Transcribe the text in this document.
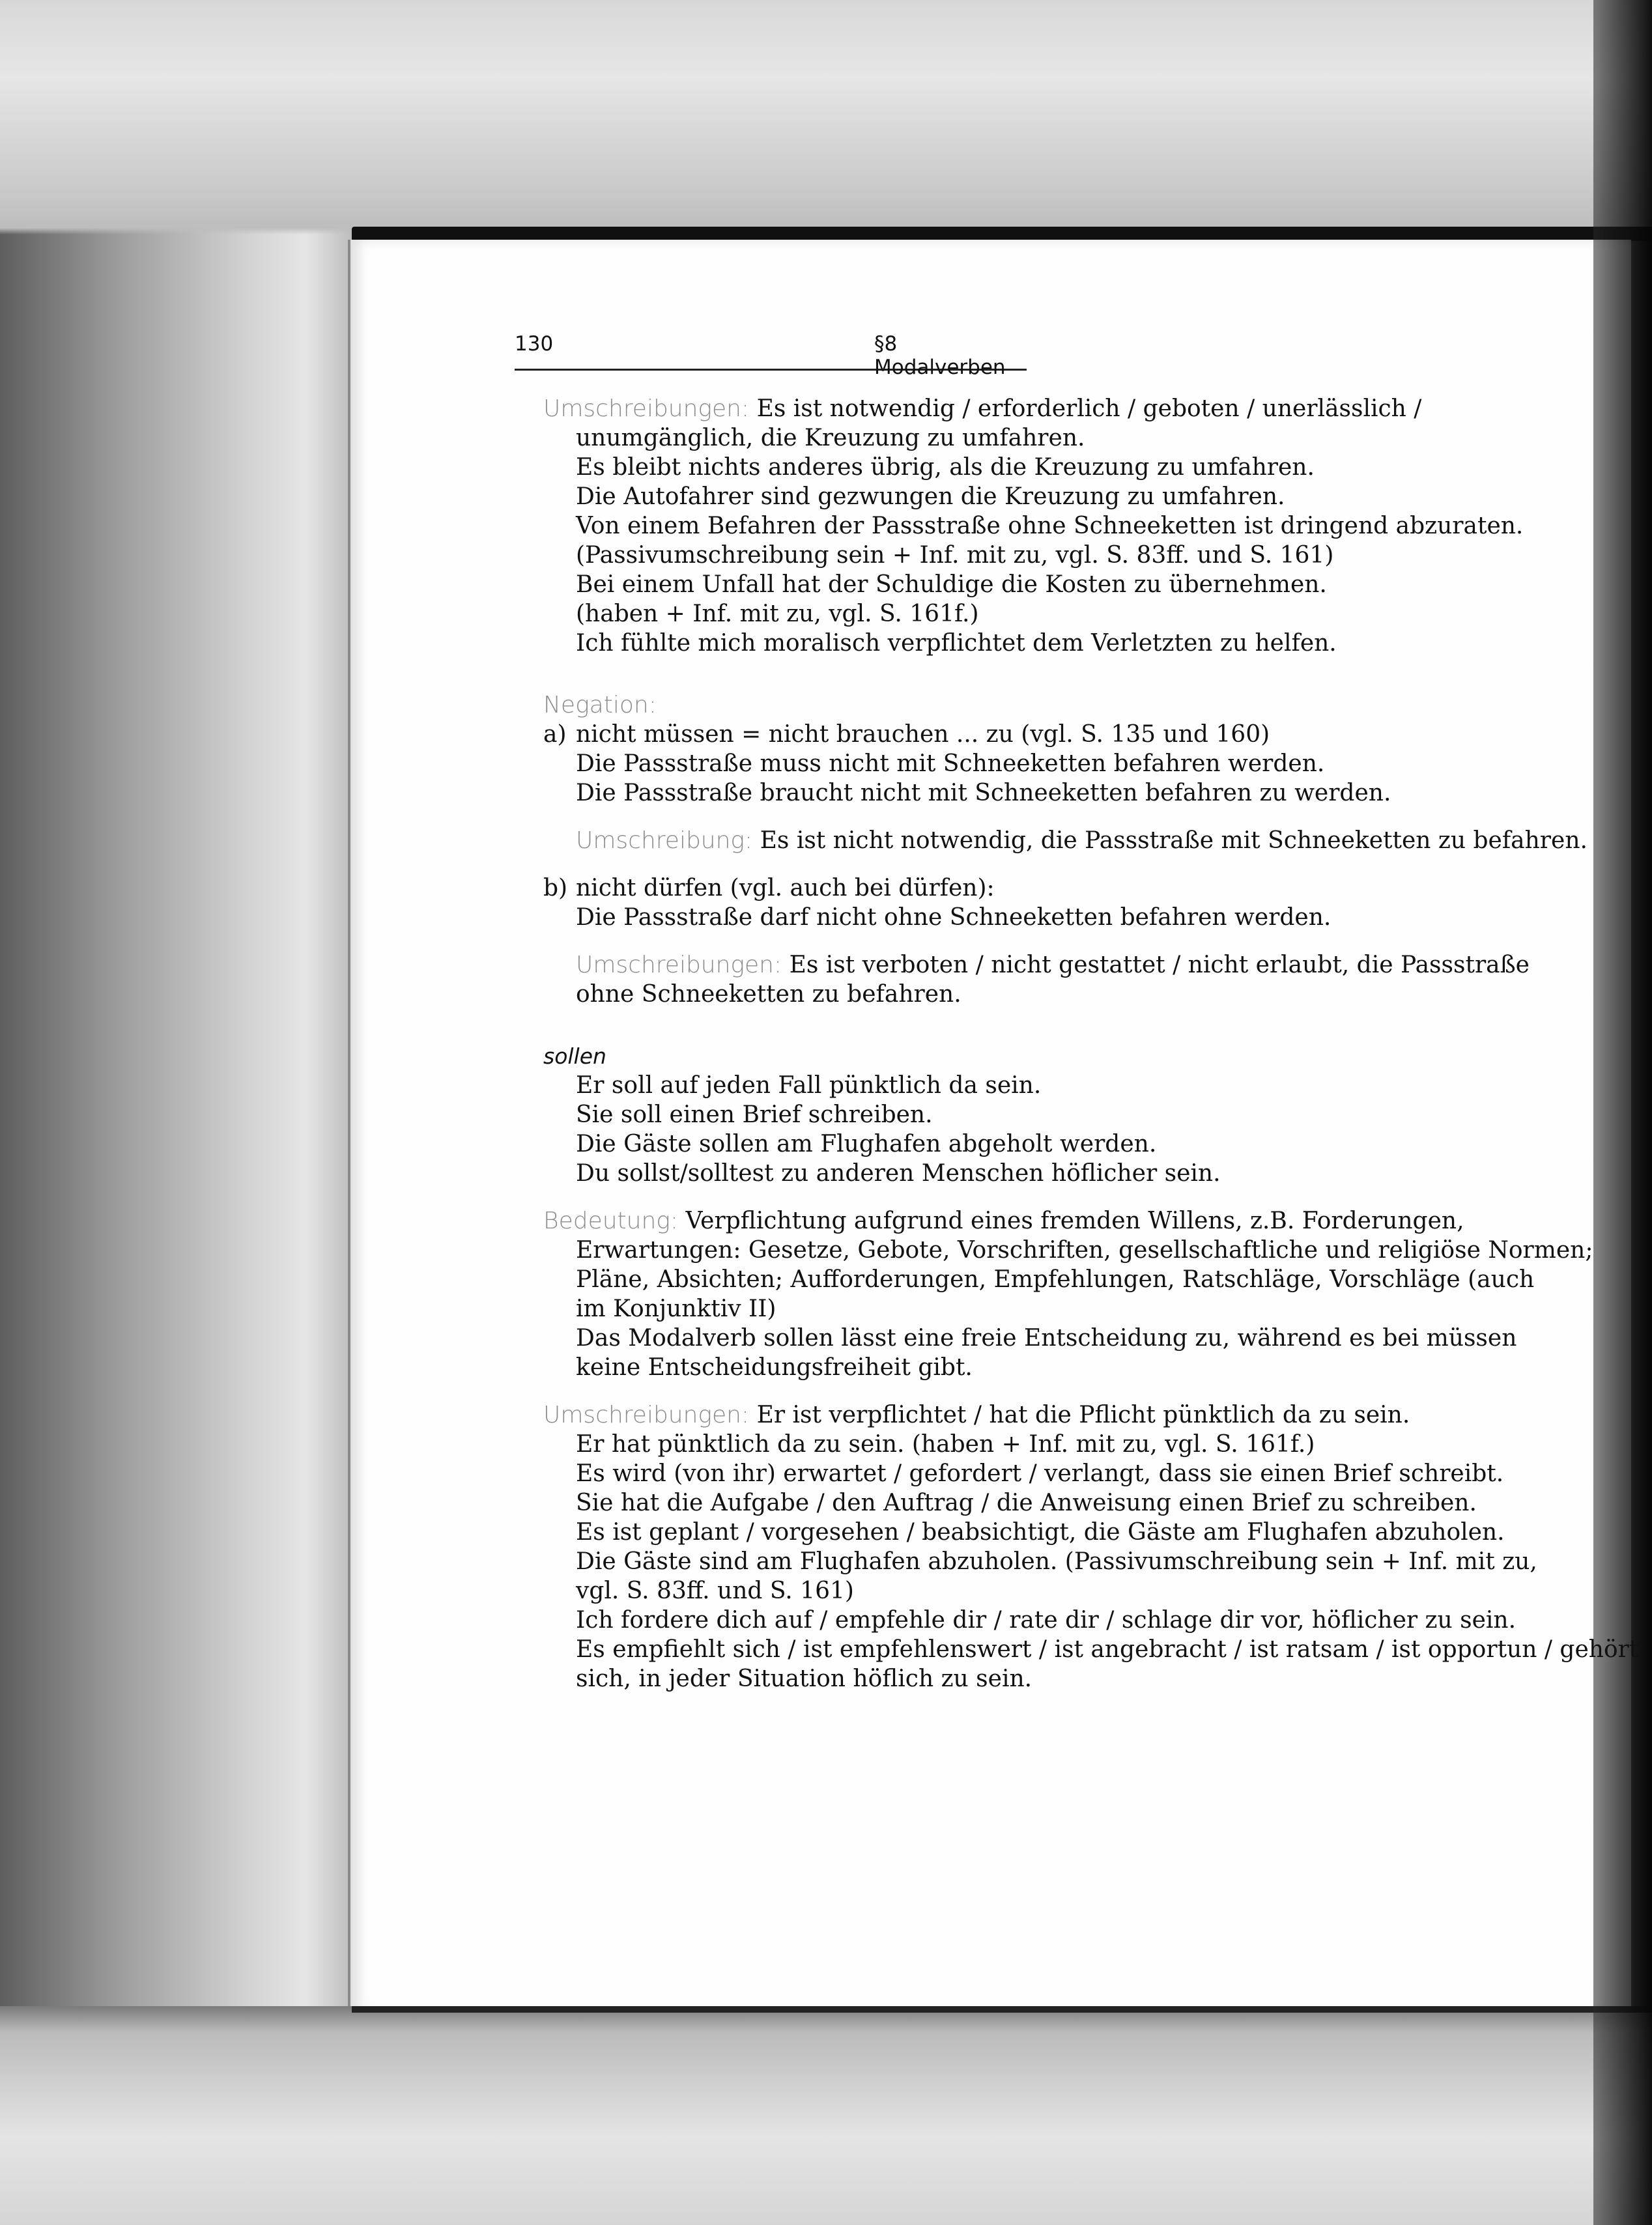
130	§8 Modalverben
Umschreibungen: Es ist notwendig / erforderlich / geboten / unerlässlich /
unumgänglich, die Kreuzung zu umfahren.
Es bleibt nichts anderes übrig, als die Kreuzung zu umfahren.
Die Autofahrer sind gezwungen die Kreuzung zu umfahren.
Von einem Befahren der Passstraße ohne Schneeketten ist dringend abzuraten.
(Passivumschreibung sein + Inf. mit zu, vgl. S. 83ff. und S. 161)
Bei einem Unfall hat der Schuldige die Kosten zu übernehmen.
(haben + Inf. mit zu, vgl. S. 161f.)
Ich fühlte mich moralisch verpflichtet dem Verletzten zu helfen.
Negation:
a) nicht müssen = nicht brauchen ... zu (vgl. S. 135 und 160)
Die Passstraße muss nicht mit Schneeketten befahren werden.
Die Passstraße braucht nicht mit Schneeketten befahren zu werden.
Umschreibung: Es ist nicht notwendig, die Passstraße mit Schneeketten zu befahren.
b) nicht dürfen (vgl. auch bei dürfen):
Die Passstraße darf nicht ohne Schneeketten befahren werden.
Umschreibungen: Es ist verboten / nicht gestattet / nicht erlaubt, die Passstraße
ohne Schneeketten zu befahren.
sollen
Er soll auf jeden Fall pünktlich da sein.
Sie soll einen Brief schreiben.
Die Gäste sollen am Flughafen abgeholt werden.
Du sollst/solltest zu anderen Menschen höflicher sein.
Bedeutung: Verpflichtung aufgrund eines fremden Willens, z.B. Forderungen,
Erwartungen: Gesetze, Gebote, Vorschriften, gesellschaftliche und religiöse Normen;
Pläne, Absichten; Aufforderungen, Empfehlungen, Ratschläge, Vorschläge (auch
im Konjunktiv II)
Das Modalverb sollen lässt eine freie Entscheidung zu, während es bei müssen
keine Entscheidungsfreiheit gibt.
Umschreibungen: Er ist verpflichtet / hat die Pflicht pünktlich da zu sein.
Er hat pünktlich da zu sein. (haben + Inf. mit zu, vgl. S. 161f.)
Es wird (von ihr) erwartet / gefordert / verlangt, dass sie einen Brief schreibt.
Sie hat die Aufgabe / den Auftrag / die Anweisung einen Brief zu schreiben.
Es ist geplant / vorgesehen / beabsichtigt, die Gäste am Flughafen abzuholen.
Die Gäste sind am Flughafen abzuholen. (Passivumschreibung sein + Inf. mit zu,
vgl. S. 83ff. und S. 161)
Ich fordere dich auf / empfehle dir / rate dir / schlage dir vor, höflicher zu sein.
Es empfiehlt sich / ist empfehlenswert / ist angebracht / ist ratsam / ist opportun / gehört
sich, in jeder Situation höflich zu sein.
